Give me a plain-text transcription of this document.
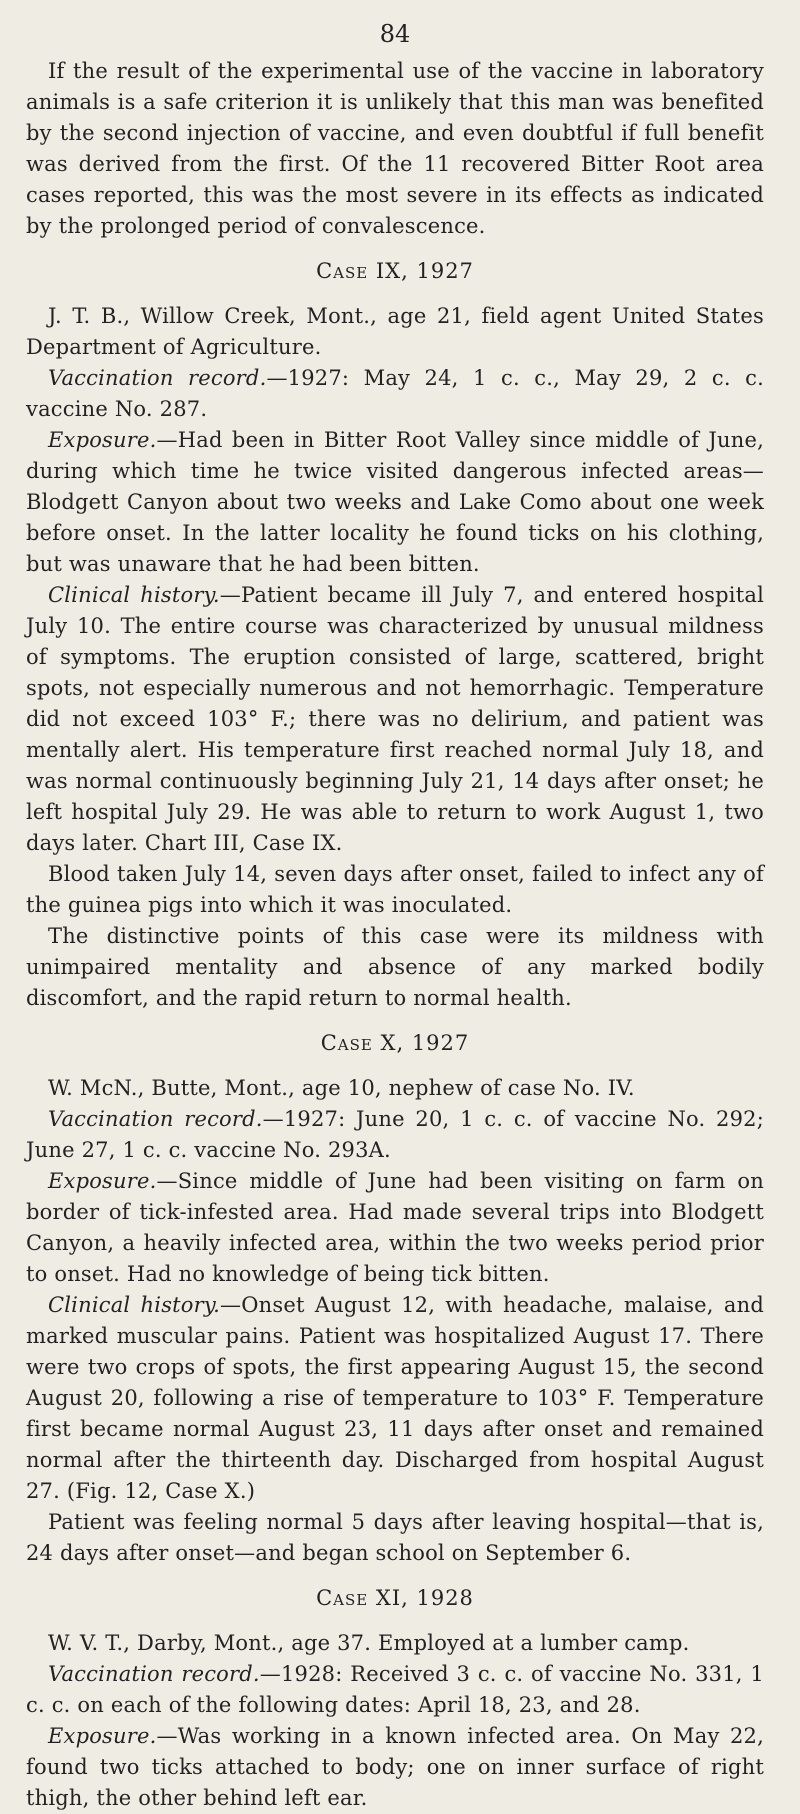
84

If the result of the experimental use of the vaccine in laboratory animals is a safe criterion it is unlikely that this man was benefited by the second injection of vaccine, and even doubtful if full benefit was derived from the first. Of the 11 recovered Bitter Root area cases reported, this was the most severe in its effects as indicated by the prolonged period of convalescence.

Case IX, 1927

J. T. B., Willow Creek, Mont., age 21, field agent United States Department of Agriculture.

Vaccination record.—1927: May 24, 1 c. c., May 29, 2 c. c. vaccine No. 287.

Exposure.—Had been in Bitter Root Valley since middle of June, during which time he twice visited dangerous infected areas—Blodgett Canyon about two weeks and Lake Como about one week before onset. In the latter locality he found ticks on his clothing, but was unaware that he had been bitten.

Clinical history.—Patient became ill July 7, and entered hospital July 10. The entire course was characterized by unusual mildness of symptoms. The eruption consisted of large, scattered, bright spots, not especially numerous and not hemorrhagic. Temperature did not exceed 103° F.; there was no delirium, and patient was mentally alert. His temperature first reached normal July 18, and was normal continuously beginning July 21, 14 days after onset; he left hospital July 29. He was able to return to work August 1, two days later. Chart III, Case IX.

Blood taken July 14, seven days after onset, failed to infect any of the guinea pigs into which it was inoculated.

The distinctive points of this case were its mildness with unimpaired mentality and absence of any marked bodily discomfort, and the rapid return to normal health.

Case X, 1927

W. McN., Butte, Mont., age 10, nephew of case No. IV.

Vaccination record.—1927: June 20, 1 c. c. of vaccine No. 292; June 27, 1 c. c. vaccine No. 293A.

Exposure.—Since middle of June had been visiting on farm on border of tick-infested area. Had made several trips into Blodgett Canyon, a heavily infected area, within the two weeks period prior to onset. Had no knowledge of being tick bitten.

Clinical history.—Onset August 12, with headache, malaise, and marked muscular pains. Patient was hospitalized August 17. There were two crops of spots, the first appearing August 15, the second August 20, following a rise of temperature to 103° F. Temperature first became normal August 23, 11 days after onset and remained normal after the thirteenth day. Discharged from hospital August 27. (Fig. 12, Case X.)

Patient was feeling normal 5 days after leaving hospital—that is, 24 days after onset—and began school on September 6.

Case XI, 1928

W. V. T., Darby, Mont., age 37. Employed at a lumber camp.

Vaccination record.—1928: Received 3 c. c. of vaccine No. 331, 1 c. c. on each of the following dates: April 18, 23, and 28.

Exposure.—Was working in a known infected area. On May 22, found two ticks attached to body; one on inner surface of right thigh, the other behind left ear.
